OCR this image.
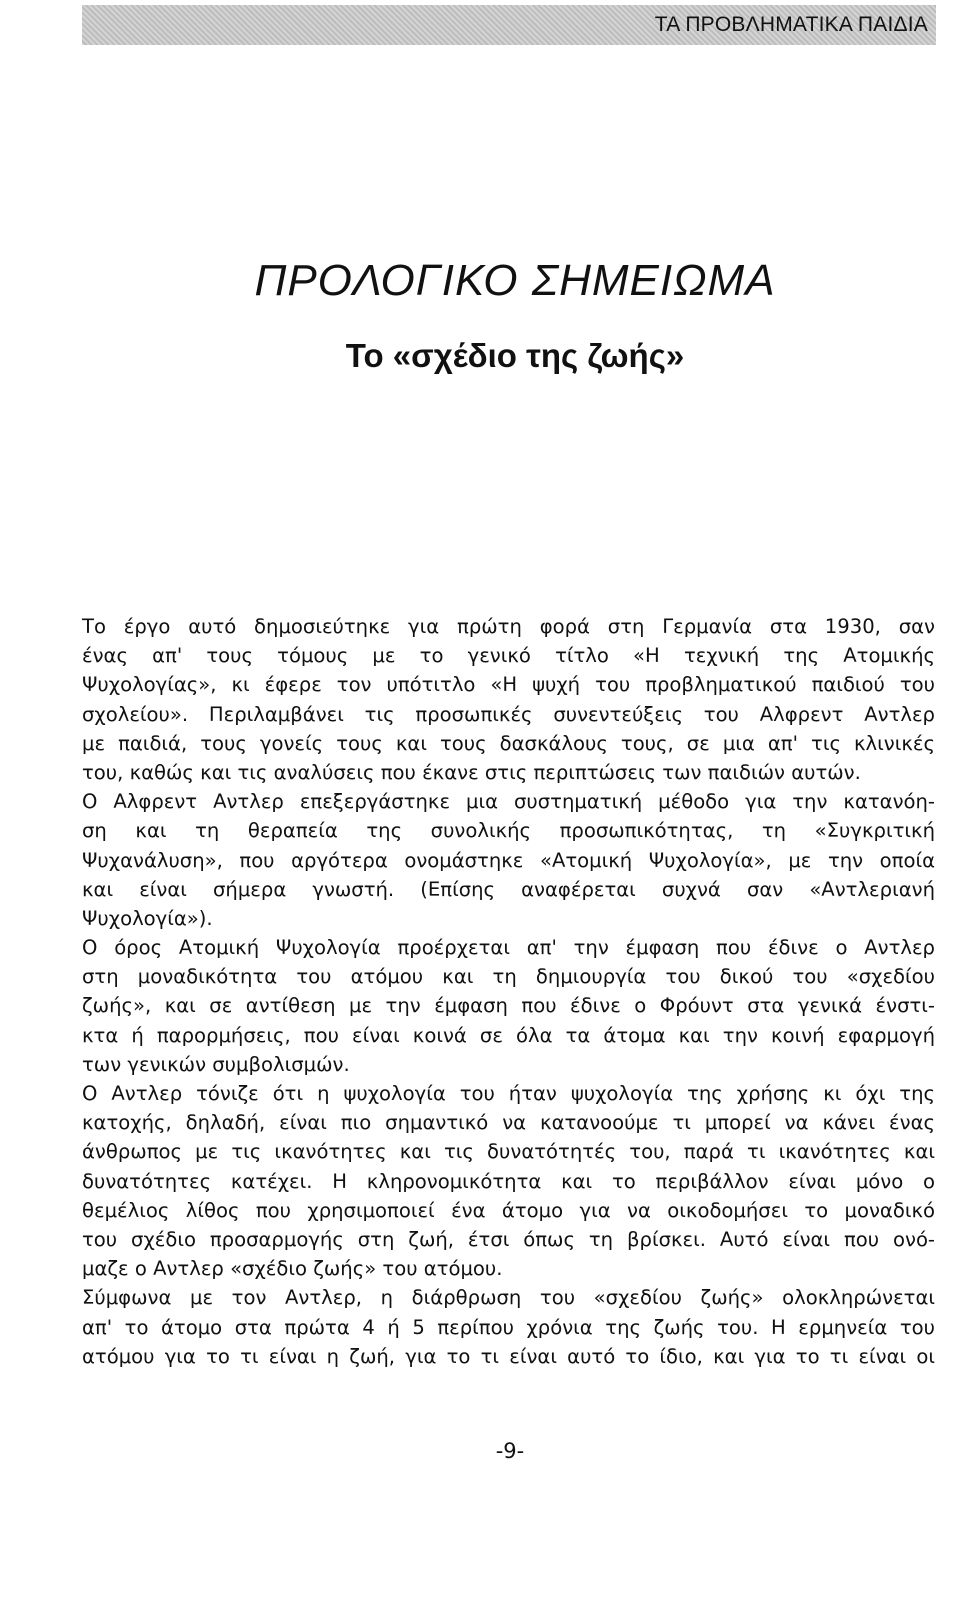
ΤΑ ΠΡΟΒΛΗΜΑΤΙΚΑ ΠΑΙΔΙΑ
ΠΡΟΛΟΓΙΚΟ ΣΗΜΕΙΩΜΑ
Το «σχέδιο της ζωής»
Το έργο αυτό δημοσιεύτηκε για πρώτη φορά στη Γερμανία στα 1930, σαν
ένας απ' τους τόμους με το γενικό τίτλο «Η τεχνική της Ατομικής
Ψυχολογίας», κι έφερε τον υπότιτλο «Η ψυχή του προβληματικού παιδιού του
σχολείου». Περιλαμβάνει τις προσωπικές συνεντεύξεις του Αλφρεντ Αντλερ
με παιδιά, τους γονείς τους και τους δασκάλους τους, σε μια απ' τις κλινικές
του, καθώς και τις αναλύσεις που έκανε στις περιπτώσεις των παιδιών αυτών.
Ο Αλφρεντ Αντλερ επεξεργάστηκε μια συστηματική μέθοδο για την κατανόη-
ση και τη θεραπεία της συνολικής προσωπικότητας, τη «Συγκριτική
Ψυχανάλυση», που αργότερα ονομάστηκε «Ατομική Ψυχολογία», με την οποία
και είναι σήμερα γνωστή. (Επίσης αναφέρεται συχνά σαν «Αντλεριανή
Ψυχολογία»).
Ο όρος Ατομική Ψυχολογία προέρχεται απ' την έμφαση που έδινε ο Αντλερ
στη μοναδικότητα του ατόμου και τη δημιουργία του δικού του «σχεδίου
ζωής», και σε αντίθεση με την έμφαση που έδινε ο Φρόυντ στα γενικά ένστι-
κτα ή παρορμήσεις, που είναι κοινά σε όλα τα άτομα και την κοινή εφαρμογή
των γενικών συμβολισμών.
Ο Αντλερ τόνιζε ότι η ψυχολογία του ήταν ψυχολογία της χρήσης κι όχι της
κατοχής, δηλαδή, είναι πιο σημαντικό να κατανοούμε τι μπορεί να κάνει ένας
άνθρωπος με τις ικανότητες και τις δυνατότητές του, παρά τι ικανότητες και
δυνατότητες κατέχει. Η κληρονομικότητα και το περιβάλλον είναι μόνο ο
θεμέλιος λίθος που χρησιμοποιεί ένα άτομο για να οικοδομήσει το μοναδικό
του σχέδιο προσαρμογής στη ζωή, έτσι όπως τη βρίσκει. Αυτό είναι που ονό-
μαζε ο Αντλερ «σχέδιο ζωής» του ατόμου.
Σύμφωνα με τον Αντλερ, η διάρθρωση του «σχεδίου ζωής» ολοκληρώνεται
απ' το άτομο στα πρώτα 4 ή 5 περίπου χρόνια της ζωής του. Η ερμηνεία του
ατόμου για το τι είναι η ζωή, για το τι είναι αυτό το ίδιο, και για το τι είναι οι
-9-
